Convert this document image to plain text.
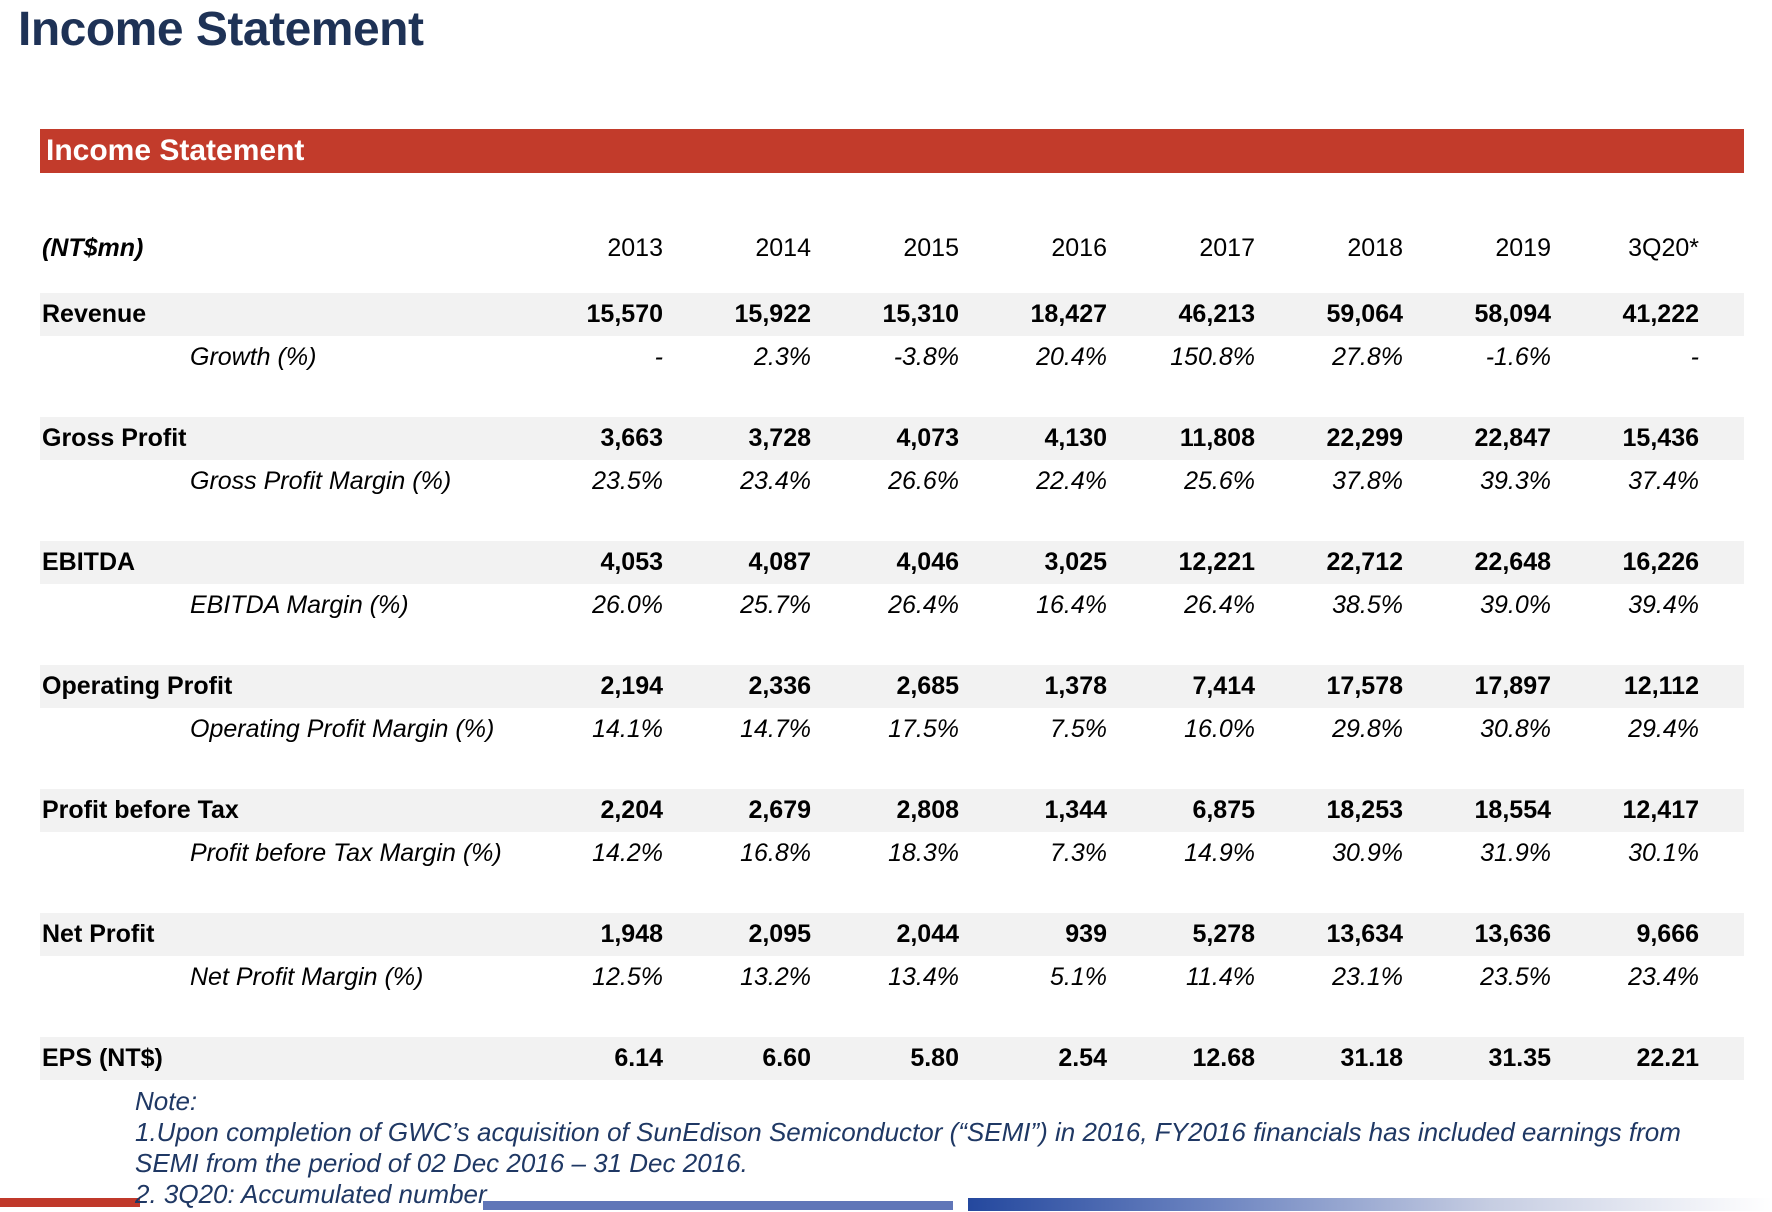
Income Statement
Income Statement
(NT$mn)	2013	2014	2015	2016	2017	2018	2019	3Q20*
Revenue	15,570	15,922	15,310	18,427	46,213	59,064	58,094	41,222
Growth (%)	-	2.3%	-3.8%	20.4%	150.8%	27.8%	-1.6%	-
Gross Profit	3,663	3,728	4,073	4,130	11,808	22,299	22,847	15,436
Gross Profit Margin (%)	23.5%	23.4%	26.6%	22.4%	25.6%	37.8%	39.3%	37.4%
EBITDA	4,053	4,087	4,046	3,025	12,221	22,712	22,648	16,226
EBITDA Margin (%)	26.0%	25.7%	26.4%	16.4%	26.4%	38.5%	39.0%	39.4%
Operating Profit	2,194	2,336	2,685	1,378	7,414	17,578	17,897	12,112
Operating Profit Margin (%)	14.1%	14.7%	17.5%	7.5%	16.0%	29.8%	30.8%	29.4%
Profit before Tax	2,204	2,679	2,808	1,344	6,875	18,253	18,554	12,417
Profit before Tax Margin (%)	14.2%	16.8%	18.3%	7.3%	14.9%	30.9%	31.9%	30.1%
Net Profit	1,948	2,095	2,044	939	5,278	13,634	13,636	9,666
Net Profit Margin (%)	12.5%	13.2%	13.4%	5.1%	11.4%	23.1%	23.5%	23.4%
EPS (NT$)	6.14	6.60	5.80	2.54	12.68	31.18	31.35	22.21
Note:
1.Upon completion of GWC’s acquisition of SunEdison Semiconductor (“SEMI”) in 2016, FY2016 financials has included earnings from SEMI from the period of 02 Dec 2016 – 31 Dec 2016.
2. 3Q20: Accumulated number
